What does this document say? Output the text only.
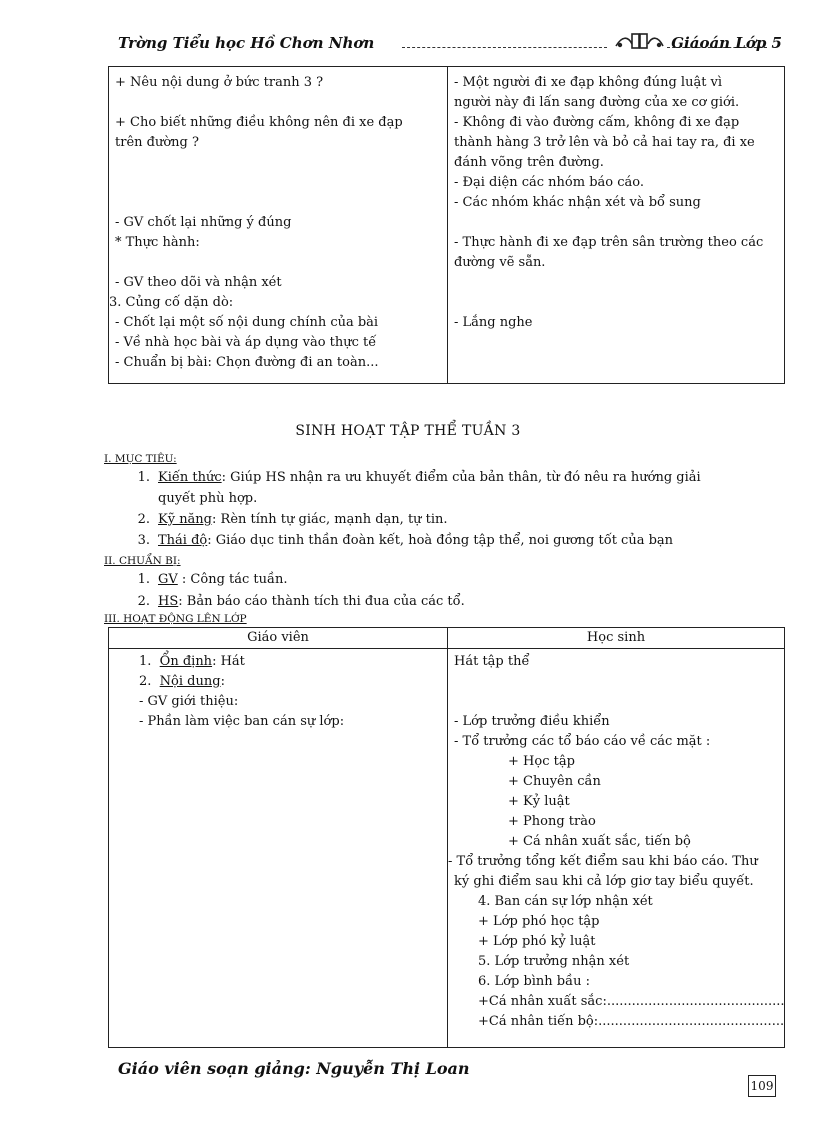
Trờng Tiểu học Hồ Chơn Nhơn	Giáoán Lớp 5
+ Nêu nội dung ở bức tranh 3 ?
+ Cho biết những điều không nên đi xe đạp
trên đường ?
- GV chốt lại những ý đúng
* Thực hành:
- GV theo dõi và nhận xét
3. Củng cố dặn dò:
- Chốt lại một số nội dung chính của bài
- Về nhà học bài và áp dụng vào thực tế
- Chuẩn bị bài: Chọn đường đi an toàn...
- Một người đi xe đạp không đúng luật vì
người này đi lấn sang đường của xe cơ giới.
- Không đi vào đường cấm, không đi xe đạp
thành hàng 3 trở lên và bỏ cả hai tay ra, đi xe
đánh võng trên đường.
- Đại diện các nhóm báo cáo.
- Các nhóm khác nhận xét và bổ sung
- Thực hành đi xe đạp trên sân trường theo các
đường vẽ sẵn.
- Lắng nghe
SINH HOẠT TẬP THỂ TUẦN 3
I. MỤC TIÊU:
1. Kiến thức: Giúp HS nhận ra ưu khuyết điểm của bản thân, từ đó nêu ra hướng giải
quyết phù hợp.
2. Kỹ năng: Rèn tính tự giác, mạnh dạn, tự tin.
3. Thái độ: Giáo dục tinh thần đoàn kết, hoà đồng tập thể, noi gương tốt của bạn
II. CHUẨN BỊ:
1. GV : Công tác tuần.
2. HS: Bản báo cáo thành tích thi đua của các tổ.
III. HOẠT ĐỘNG LÊN LỚP
Giáo viên	Học sinh
1.  Ổn định: Hát
2.  Nội dung:
- GV giới thiệu:
- Phần làm việc ban cán sự lớp:
Hát tập thể
- Lớp trưởng điều khiển
- Tổ trưởng các tổ báo cáo về các mặt :
+ Học tập
+ Chuyên cần
+ Kỷ luật
+ Phong trào
+ Cá nhân xuất sắc, tiến bộ
- Tổ trưởng tổng kết điểm sau khi báo cáo. Thư
ký ghi điểm sau khi cả lớp giơ tay biểu quyết.
4. Ban cán sự lớp nhận xét
+ Lớp phó học tập
+ Lớp phó kỷ luật
5. Lớp trưởng nhận xét
6. Lớp bình bầu :
+Cá nhân xuất sắc:...........................................
+Cá nhân tiến bộ:.............................................
Giáo viên soạn giảng: Nguyễn Thị Loan
109
